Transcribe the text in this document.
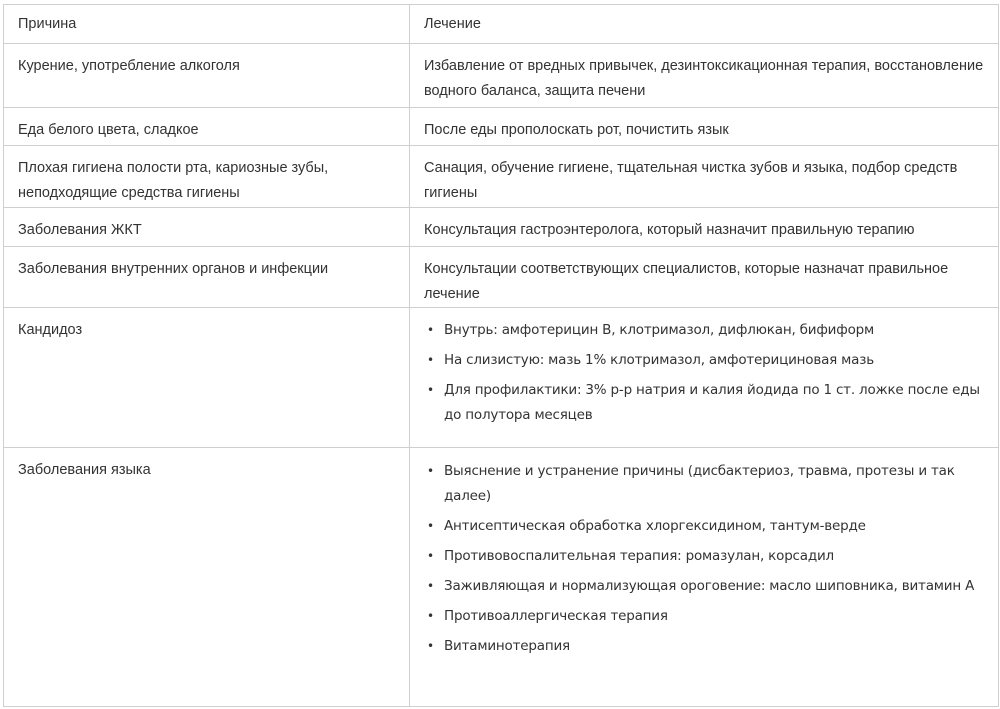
Причина	Лечение
Курение, употребление алкоголя	Избавление от вредных привычек, дезинтоксикационная терапия, восстановление водного баланса, защита печени
Еда белого цвета, сладкое	После еды прополоскать рот, почистить язык
Плохая гигиена полости рта, кариозные зубы, неподходящие средства гигиены	Санация, обучение гигиене, тщательная чистка зубов и языка, подбор средств гигиены
Заболевания ЖКТ	Консультация гастроэнтеролога, который назначит правильную терапию
Заболевания внутренних органов и инфекции	Консультации соответствующих специалистов, которые назначат правильное лечение
Кандидоз	• Внутрь: амфотерицин В, клотримазол, дифлюкан, бифиформ
• На слизистую: мазь 1% клотримазол, амфотерициновая мазь
• Для профилактики: 3% р-р натрия и калия йодида по 1 ст. ложке после еды до полутора месяцев

Заболевания языка	• Выяснение и устранение причины (дисбактериоз, травма, протезы и так далее)
• Антисептическая обработка хлоргексидином, тантум-верде
• Противовоспалительная терапия: ромазулан, корсадил
• Заживляющая и нормализующая ороговение: масло шиповника, витамин А
• Противоаллергическая терапия
• Витаминотерапия
